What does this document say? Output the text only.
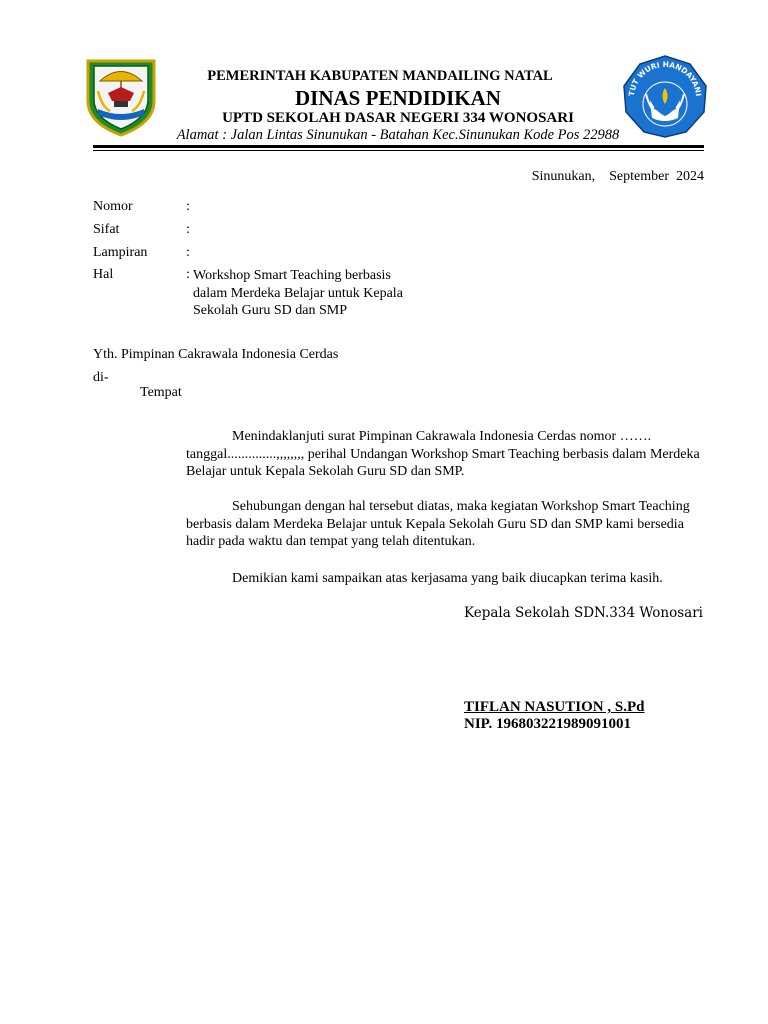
PEMERINTAH KABUPATEN MANDAILING NATAL
DINAS PENDIDIKAN
UPTD SEKOLAH DASAR NEGERI 334 WONOSARI
Alamat : Jalan Lintas Sinunukan - Batahan Kec.Sinunukan Kode Pos 22988
TUT WURI HANDAYANI
Sinunukan,    September  2024
Nomor	:
Sifat	:
Lampiran	:
Hal	: Workshop Smart Teaching berbasis
dalam Merdeka Belajar untuk Kepala
Sekolah Guru SD dan SMP
Yth. Pimpinan Cakrawala Indonesia Cerdas
di-
Tempat
Menindaklanjuti surat Pimpinan Cakrawala Indonesia Cerdas nomor ……. tanggal..............,,,,,,,, perihal Undangan Workshop Smart Teaching berbasis dalam Merdeka Belajar untuk Kepala Sekolah Guru SD dan SMP.
Sehubungan dengan hal tersebut diatas, maka kegiatan Workshop Smart Teaching berbasis dalam Merdeka Belajar untuk Kepala Sekolah Guru SD dan SMP kami bersedia hadir pada waktu dan tempat yang telah ditentukan.
Demikian kami sampaikan atas kerjasama yang baik diucapkan terima kasih.
Kepala Sekolah SDN.334 Wonosari
TIFLAN NASUTION , S.Pd
NIP. 196803221989091001
